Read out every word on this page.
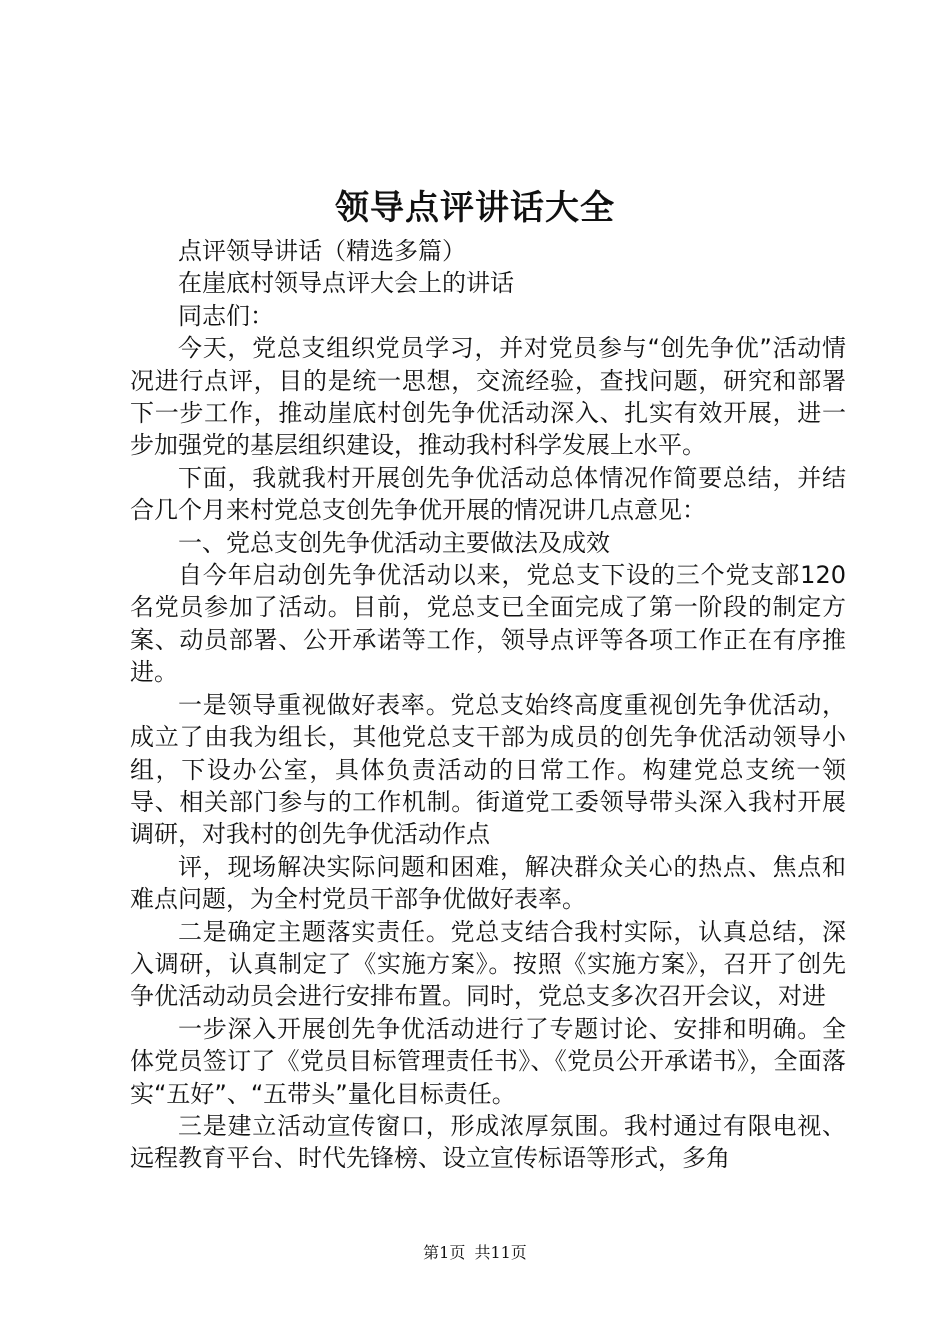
领导点评讲话大全

点评领导讲话（精选多篇）

在崖底村领导点评大会上的讲话

同志们：

今天，党总支组织党员学习，并对党员参与“创先争优”活动情况进行点评，目的是统一思想，交流经验，查找问题，研究和部署下一步工作，推动崖底村创先争优活动深入、扎实有效开展，进一步加强党的基层组织建设，推动我村科学发展上水平。

下面，我就我村开展创先争优活动总体情况作简要总结，并结合几个月来村党总支创先争优开展的情况讲几点意见：

一、党总支创先争优活动主要做法及成效

自今年启动创先争优活动以来，党总支下设的三个党支部120名党员参加了活动。目前，党总支已全面完成了第一阶段的制定方案、动员部署、公开承诺等工作，领导点评等各项工作正在有序推进。

一是领导重视做好表率。党总支始终高度重视创先争优活动，成立了由我为组长，其他党总支干部为成员的创先争优活动领导小组，下设办公室，具体负责活动的日常工作。构建党总支统一领导、相关部门参与的工作机制。街道党工委领导带头深入我村开展调研，对我村的创先争优活动作点

评，现场解决实际问题和困难，解决群众关心的热点、焦点和难点问题，为全村党员干部争优做好表率。

二是确定主题落实责任。党总支结合我村实际，认真总结，深入调研，认真制定了《实施方案》。按照《实施方案》，召开了创先争优活动动员会进行安排布置。同时，党总支多次召开会议，对进

一步深入开展创先争优活动进行了专题讨论、安排和明确。全体党员签订了《党员目标管理责任书》、《党员公开承诺书》，全面落实“五好”、“五带头”量化目标责任。

三是建立活动宣传窗口，形成浓厚氛围。我村通过有限电视、远程教育平台、时代先锋榜、设立宣传标语等形式，多角

第1页 共11页
